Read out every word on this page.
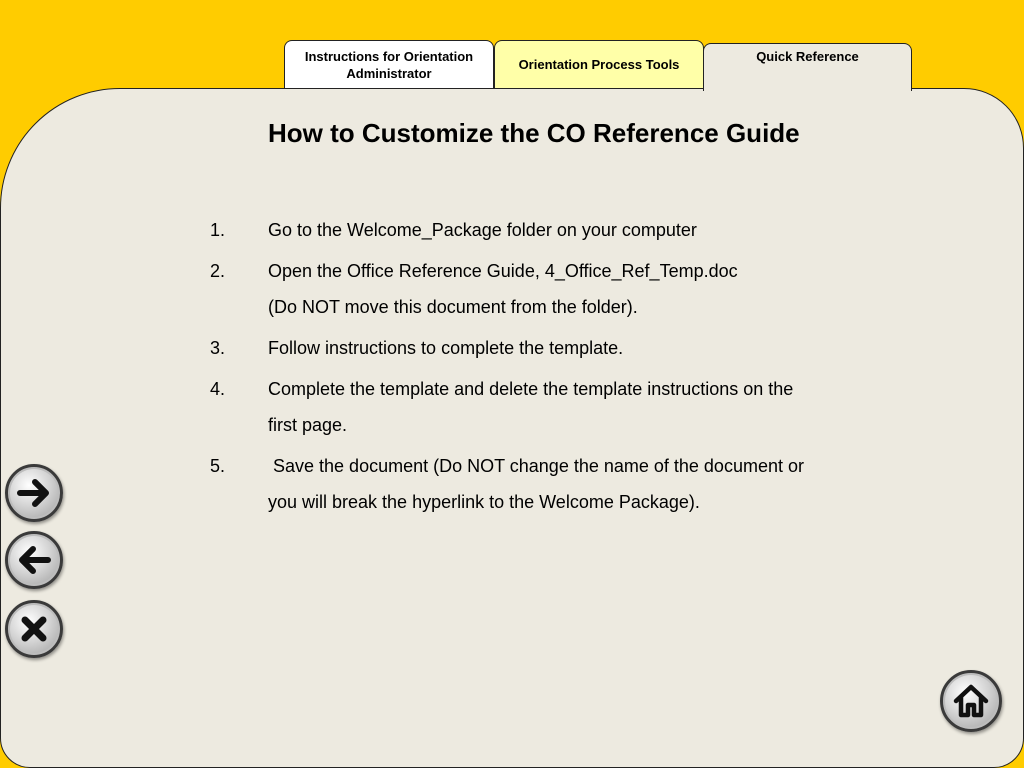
Instructions for Orientation
Administrator
Orientation Process Tools
Quick Reference
How to Customize the CO Reference Guide
1. Go to the Welcome_Package folder on your computer
2. Open the Office Reference Guide, 4_Office_Ref_Temp.doc
(Do NOT move this document from the folder).
3. Follow instructions to complete the template.
4. Complete the template and delete the template instructions on the
first page.
5. Save the document (Do NOT change the name of the document or
you will break the hyperlink to the Welcome Package).
